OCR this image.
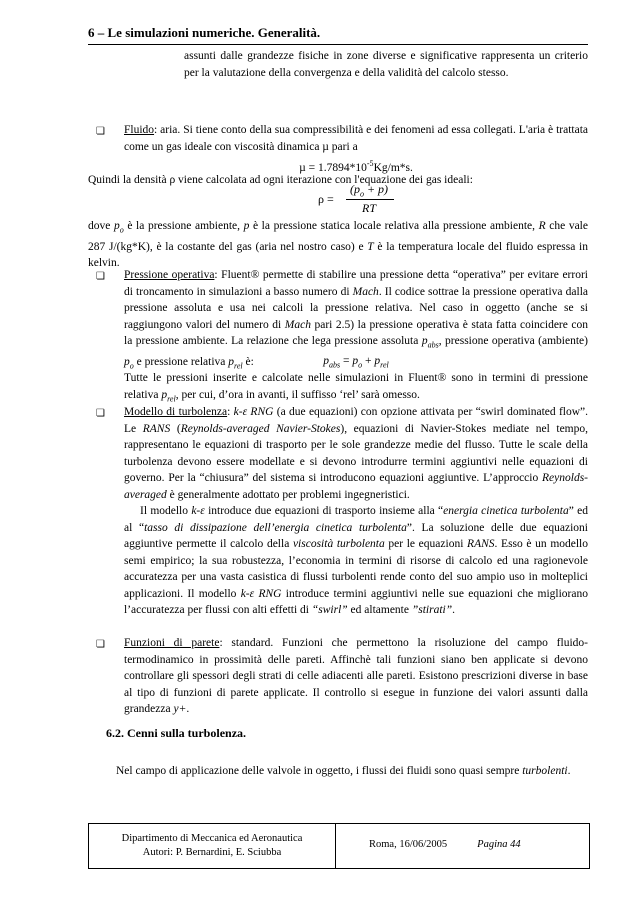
6 – Le simulazioni numeriche. Generalità.
assunti dalle grandezze fisiche in zone diverse e significative rappresenta un criterio per la valutazione della convergenza e della validità del calcolo stesso.
❏
Fluido: aria. Si tiene conto della sua compressibilità e dei fenomeni ad essa collegati. L'aria è trattata come un gas ideale con viscosità dinamica µ pari a
$\mu = 1.7894*10^{-5}Kg/m*s$.
Quindi la densità ρ viene calcolata ad ogni iterazione con l'equazione dei gas ideali:
ρ =
$(p_o + p)$
RT
dove $p_o$ è la pressione ambiente, p è la pressione statica locale relativa alla pressione ambiente, R che vale 287 J/(kg*K), è la costante del gas (aria nel nostro caso) e T è la temperatura locale del fluido espressa in kelvin.
❏
Pressione operativa: Fluent® permette di stabilire una pressione detta “operativa” per evitare errori di troncamento in simulazioni a basso numero di Mach. Il codice sottrae la pressione operativa dalla pressione assoluta e usa nei calcoli la pressione relativa. Nel caso in oggetto (anche se si raggiungono valori del numero di Mach pari 2.5) la pressione operativa è stata fatta coincidere con la pressione ambiente. La relazione che lega pressione assoluta $p_{abs}$, pressione operativa (ambiente) $p_o$ e pressione relativa $p_{rel}$ è:	$p_{abs} = p_o + p_{rel}$
Tutte le pressioni inserite e calcolate nelle simulazioni in Fluent® sono in termini di pressione relativa $p_{rel}$, per cui, d’ora in avanti, il suffisso ‘rel’ sarà omesso.
❏
Modello di turbolenza: k-ε RNG (a due equazioni) con opzione attivata per “swirl dominated flow”. Le RANS (Reynolds-averaged Navier-Stokes), equazioni di Navier-Stokes mediate nel tempo, rappresentano le equazioni di trasporto per le sole grandezze medie del flusso. Tutte le scale della turbolenza devono essere modellate e si devono introdurre termini aggiuntivi nelle equazioni di governo. Per la “chiusura” del sistema si introducono equazioni aggiuntive. L’approccio Reynolds-averaged è generalmente adottato per problemi ingegneristici.
Il modello k-ε introduce due equazioni di trasporto insieme alla “energia cinetica turbolenta” ed al “tasso di dissipazione dell’energia cinetica turbolenta”. La soluzione delle due equazioni aggiuntive permette il calcolo della viscosità turbolenta per le equazioni RANS. Esso è un modello semi empirico; la sua robustezza, l’economia in termini di risorse di calcolo ed una ragionevole accuratezza per una vasta casistica di flussi turbolenti rende conto del suo ampio uso in molteplici applicazioni. Il modello k-ε RNG introduce termini aggiuntivi nelle sue equazioni che migliorano l’accuratezza per flussi con alti effetti di “swirl” ed altamente ”stirati”.
❏
Funzioni di parete: standard. Funzioni che permettono la risoluzione del campo fluido-termodinamico in prossimità delle pareti. Affinchè tali funzioni siano ben applicate si devono controllare gli spessori degli strati di celle adiacenti alle pareti. Esistono prescrizioni diverse in base al tipo di funzioni di parete applicate. Il controllo si esegue in funzione dei valori assunti dalla grandezza y+.
6.2. Cenni sulla turbolenza.
Nel campo di applicazione delle valvole in oggetto, i flussi dei fluidi sono quasi sempre turbolenti.
Dipartimento di Meccanica ed Aeronautica
Autori: P. Bernardini, E. Sciubba
Roma, 16/06/2005	Pagina 44
